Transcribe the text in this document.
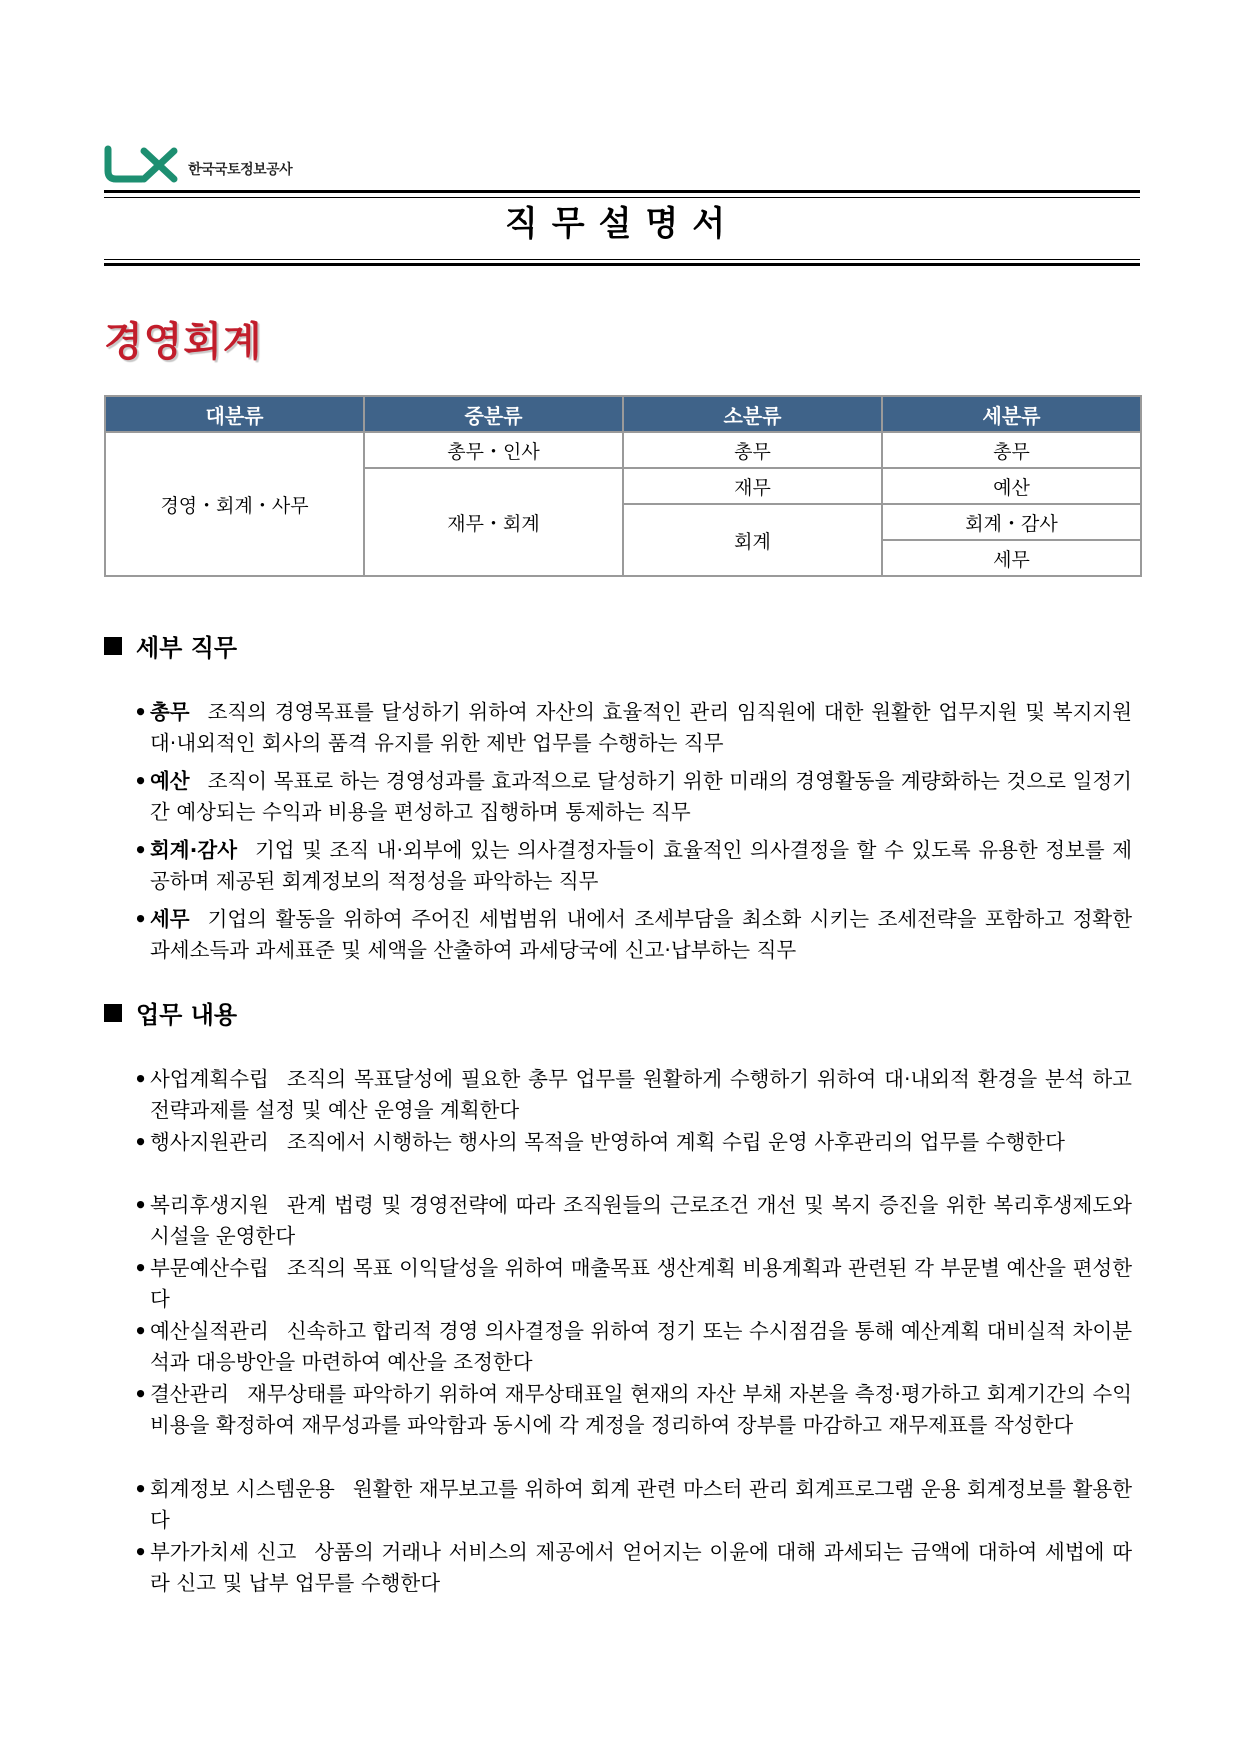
한국국토정보공사
직무설명서
경영회계
대분류	중분류	소분류	세분류
경영・회계・사무	총무・인사	총무	총무
	재무・회계	재무	예산
		회계	회계・감사
			세무
세부 직무
• 총무 조직의 경영목표를 달성하기 위하여 자산의 효율적인 관리 임직원에 대한 원활한 업무지원 및 복지지원 대·내외적인 회사의 품격 유지를 위한 제반 업무를 수행하는 직무
• 예산 조직이 목표로 하는 경영성과를 효과적으로 달성하기 위한 미래의 경영활동을 계량화하는 것으로 일정기간 예상되는 수익과 비용을 편성하고 집행하며 통제하는 직무
• 회계·감사 기업 및 조직 내·외부에 있는 의사결정자들이 효율적인 의사결정을 할 수 있도록 유용한 정보를 제공하며 제공된 회계정보의 적정성을 파악하는 직무
• 세무 기업의 활동을 위하여 주어진 세법범위 내에서 조세부담을 최소화 시키는 조세전략을 포함하고 정확한 과세소득과 과세표준 및 세액을 산출하여 과세당국에 신고·납부하는 직무
업무 내용
• 사업계획수립 조직의 목표달성에 필요한 총무 업무를 원활하게 수행하기 위하여 대·내외적 환경을 분석 하고 전략과제를 설정 및 예산 운영을 계획한다
• 행사지원관리 조직에서 시행하는 행사의 목적을 반영하여 계획 수립 운영 사후관리의 업무를 수행한다
• 복리후생지원 관계 법령 및 경영전략에 따라 조직원들의 근로조건 개선 및 복지 증진을 위한 복리후생제도와 시설을 운영한다
• 부문예산수립 조직의 목표 이익달성을 위하여 매출목표 생산계획 비용계획과 관련된 각 부문별 예산을 편성한다
• 예산실적관리 신속하고 합리적 경영 의사결정을 위하여 정기 또는 수시점검을 통해 예산계획 대비실적 차이분석과 대응방안을 마련하여 예산을 조정한다
• 결산관리 재무상태를 파악하기 위하여 재무상태표일 현재의 자산 부채 자본을 측정·평가하고 회계기간의 수익 비용을 확정하여 재무성과를 파악함과 동시에 각 계정을 정리하여 장부를 마감하고 재무제표를 작성한다
• 회계정보 시스템운용 원활한 재무보고를 위하여 회계 관련 마스터 관리 회계프로그램 운용 회계정보를 활용한다
• 부가가치세 신고 상품의 거래나 서비스의 제공에서 얻어지는 이윤에 대해 과세되는 금액에 대하여 세법에 따라 신고 및 납부 업무를 수행한다
